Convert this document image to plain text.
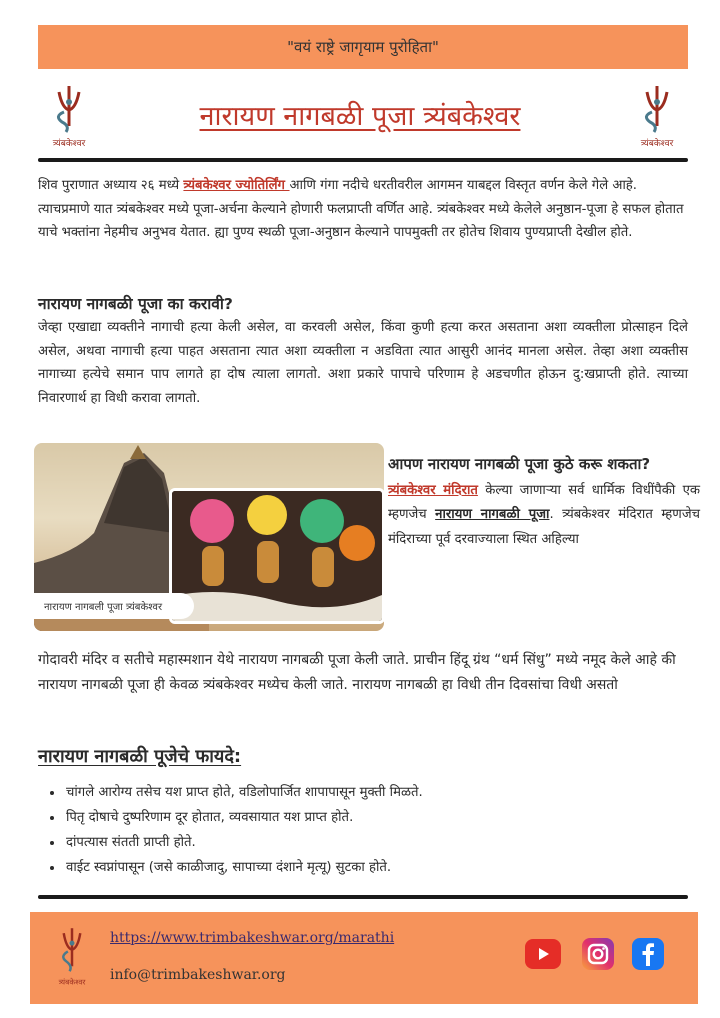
"वयं राष्ट्रे जागृयाम पुरोहिता"
त्र्यंबकेश्वर	त्र्यंबकेश्वर
नारायण नागबळी पूजा त्र्यंबकेश्वर
शिव पुराणात अध्याय २६ मध्ये त्र्यंबकेश्वर ज्योतिर्लिंग आणि गंगा नदीचे धरतीवरील आगमन याबद्दल विस्तृत वर्णन केले गेले आहे. त्याचप्रमाणे यात त्र्यंबकेश्वर मध्ये पूजा-अर्चना केल्याने होणारी फलप्राप्ती वर्णित आहे. त्र्यंबकेश्वर मध्ये केलेले अनुष्ठान-पूजा हे सफल होतात याचे भक्तांना नेहमीच अनुभव येतात. ह्या पुण्य स्थळी पूजा-अनुष्ठान केल्याने पापमुक्ती तर होतेच शिवाय पुण्यप्राप्ती देखील होते.
नारायण नागबळी पूजा का करावी?
जेव्हा एखाद्या व्यक्तीने नागाची हत्या केली असेल, वा करवली असेल, किंवा कुणी हत्या करत असताना अशा व्यक्तीला प्रोत्साहन दिले असेल, अथवा नागाची हत्या पाहत असताना त्यात अशा व्यक्तीला न अडविता त्यात आसुरी आनंद मानला असेल. तेव्हा अशा व्यक्तीस नागाच्या हत्येचे समान पाप लागते हा दोष त्याला लागतो. अशा प्रकारे पापाचे परिणाम हे अडचणीत होऊन दु:खप्राप्ती होते. त्याच्या निवारणार्थ हा विधी करावा लागतो.
नारायण नागबली पूजा त्र्यंबकेश्वर
आपण नारायण नागबळी पूजा कुठे करू शकता?
त्र्यंबकेश्वर मंदिरात केल्या जाणाऱ्या सर्व धार्मिक विधींपैकी एक म्हणजेच नारायण नागबळी पूजा. त्र्यंबकेश्वर मंदिरात म्हणजेच मंदिराच्या पूर्व दरवाज्याला स्थित अहिल्या
गोदावरी मंदिर व सतीचे महास्मशान येथे नारायण नागबळी पूजा केली जाते. प्राचीन हिंदू ग्रंथ “धर्म सिंधु” मध्ये नमूद केले आहे की नारायण नागबळी पूजा ही केवळ त्र्यंबकेश्वर मध्येच केली जाते. नारायण नागबळी हा विधी तीन दिवसांचा विधी असतो
नारायण नागबळी पूजेचे फायदे:
• चांगले आरोग्य तसेच यश प्राप्त होते, वडिलोपार्जित शापापासून मुक्ती मिळते.
• पितृ दोषाचे दुष्परिणाम दूर होतात, व्यवसायात यश प्राप्त होते.
• दांपत्यास संतती प्राप्ती होते.
• वाईट स्वप्नांपासून (जसे काळीजादु, सापाच्या दंशाने मृत्यू) सुटका होते.
त्र्यंबकेश्वर
https://www.trimbakeshwar.org/marathi
info@trimbakeshwar.org
